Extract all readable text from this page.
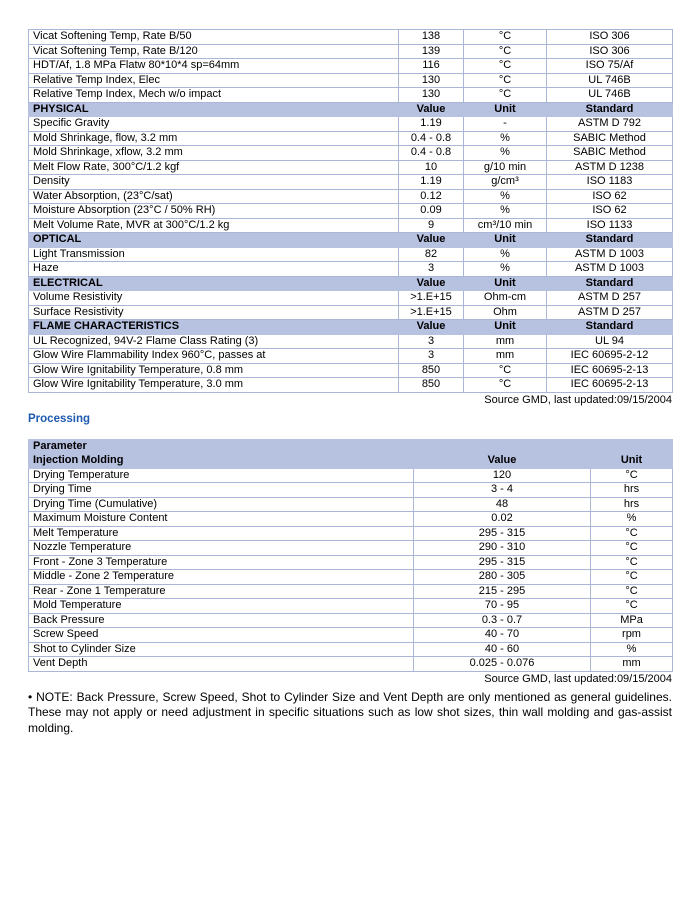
Vicat Softening Temp, Rate B/50	138	°C	ISO 306
Vicat Softening Temp, Rate B/120	139	°C	ISO 306
HDT/Af, 1.8 MPa Flatw 80*10*4 sp=64mm	116	°C	ISO 75/Af
Relative Temp Index, Elec	130	°C	UL 746B
Relative Temp Index, Mech w/o impact	130	°C	UL 746B
PHYSICAL	Value	Unit	Standard
Specific Gravity	1.19	-	ASTM D 792
Mold Shrinkage, flow, 3.2 mm	0.4 - 0.8	%	SABIC Method
Mold Shrinkage, xflow, 3.2 mm	0.4 - 0.8	%	SABIC Method
Melt Flow Rate, 300°C/1.2 kgf	10	g/10 min	ASTM D 1238
Density	1.19	g/cm³	ISO 1183
Water Absorption, (23°C/sat)	0.12	%	ISO 62
Moisture Absorption (23°C / 50% RH)	0.09	%	ISO 62
Melt Volume Rate, MVR at 300°C/1.2 kg	9	cm³/10 min	ISO 1133
OPTICAL	Value	Unit	Standard
Light Transmission	82	%	ASTM D 1003
Haze	3	%	ASTM D 1003
ELECTRICAL	Value	Unit	Standard
Volume Resistivity	>1.E+15	Ohm-cm	ASTM D 257
Surface Resistivity	>1.E+15	Ohm	ASTM D 257
FLAME CHARACTERISTICS	Value	Unit	Standard
UL Recognized, 94V-2 Flame Class Rating (3)	3	mm	UL 94
Glow Wire Flammability Index 960°C, passes at	3	mm	IEC 60695-2-12
Glow Wire Ignitability Temperature, 0.8 mm	850	°C	IEC 60695-2-13
Glow Wire Ignitability Temperature, 3.0 mm	850	°C	IEC 60695-2-13
Source GMD, last updated:09/15/2004
Processing
Parameter		
Injection Molding	Value	Unit
Drying Temperature	120	°C
Drying Time	3 - 4	hrs
Drying Time (Cumulative)	48	hrs
Maximum Moisture Content	0.02	%
Melt Temperature	295 - 315	°C
Nozzle Temperature	290 - 310	°C
Front - Zone 3 Temperature	295 - 315	°C
Middle - Zone 2 Temperature	280 - 305	°C
Rear - Zone 1 Temperature	215 - 295	°C
Mold Temperature	70 - 95	°C
Back Pressure	0.3 - 0.7	MPa
Screw Speed	40 - 70	rpm
Shot to Cylinder Size	40 - 60	%
Vent Depth	0.025 - 0.076	mm
Source GMD, last updated:09/15/2004

• NOTE: Back Pressure, Screw Speed, Shot to Cylinder Size and Vent Depth are only mentioned as general guidelines. These may not apply or need adjustment in specific situations such as low shot sizes, thin wall molding and gas-assist molding.
